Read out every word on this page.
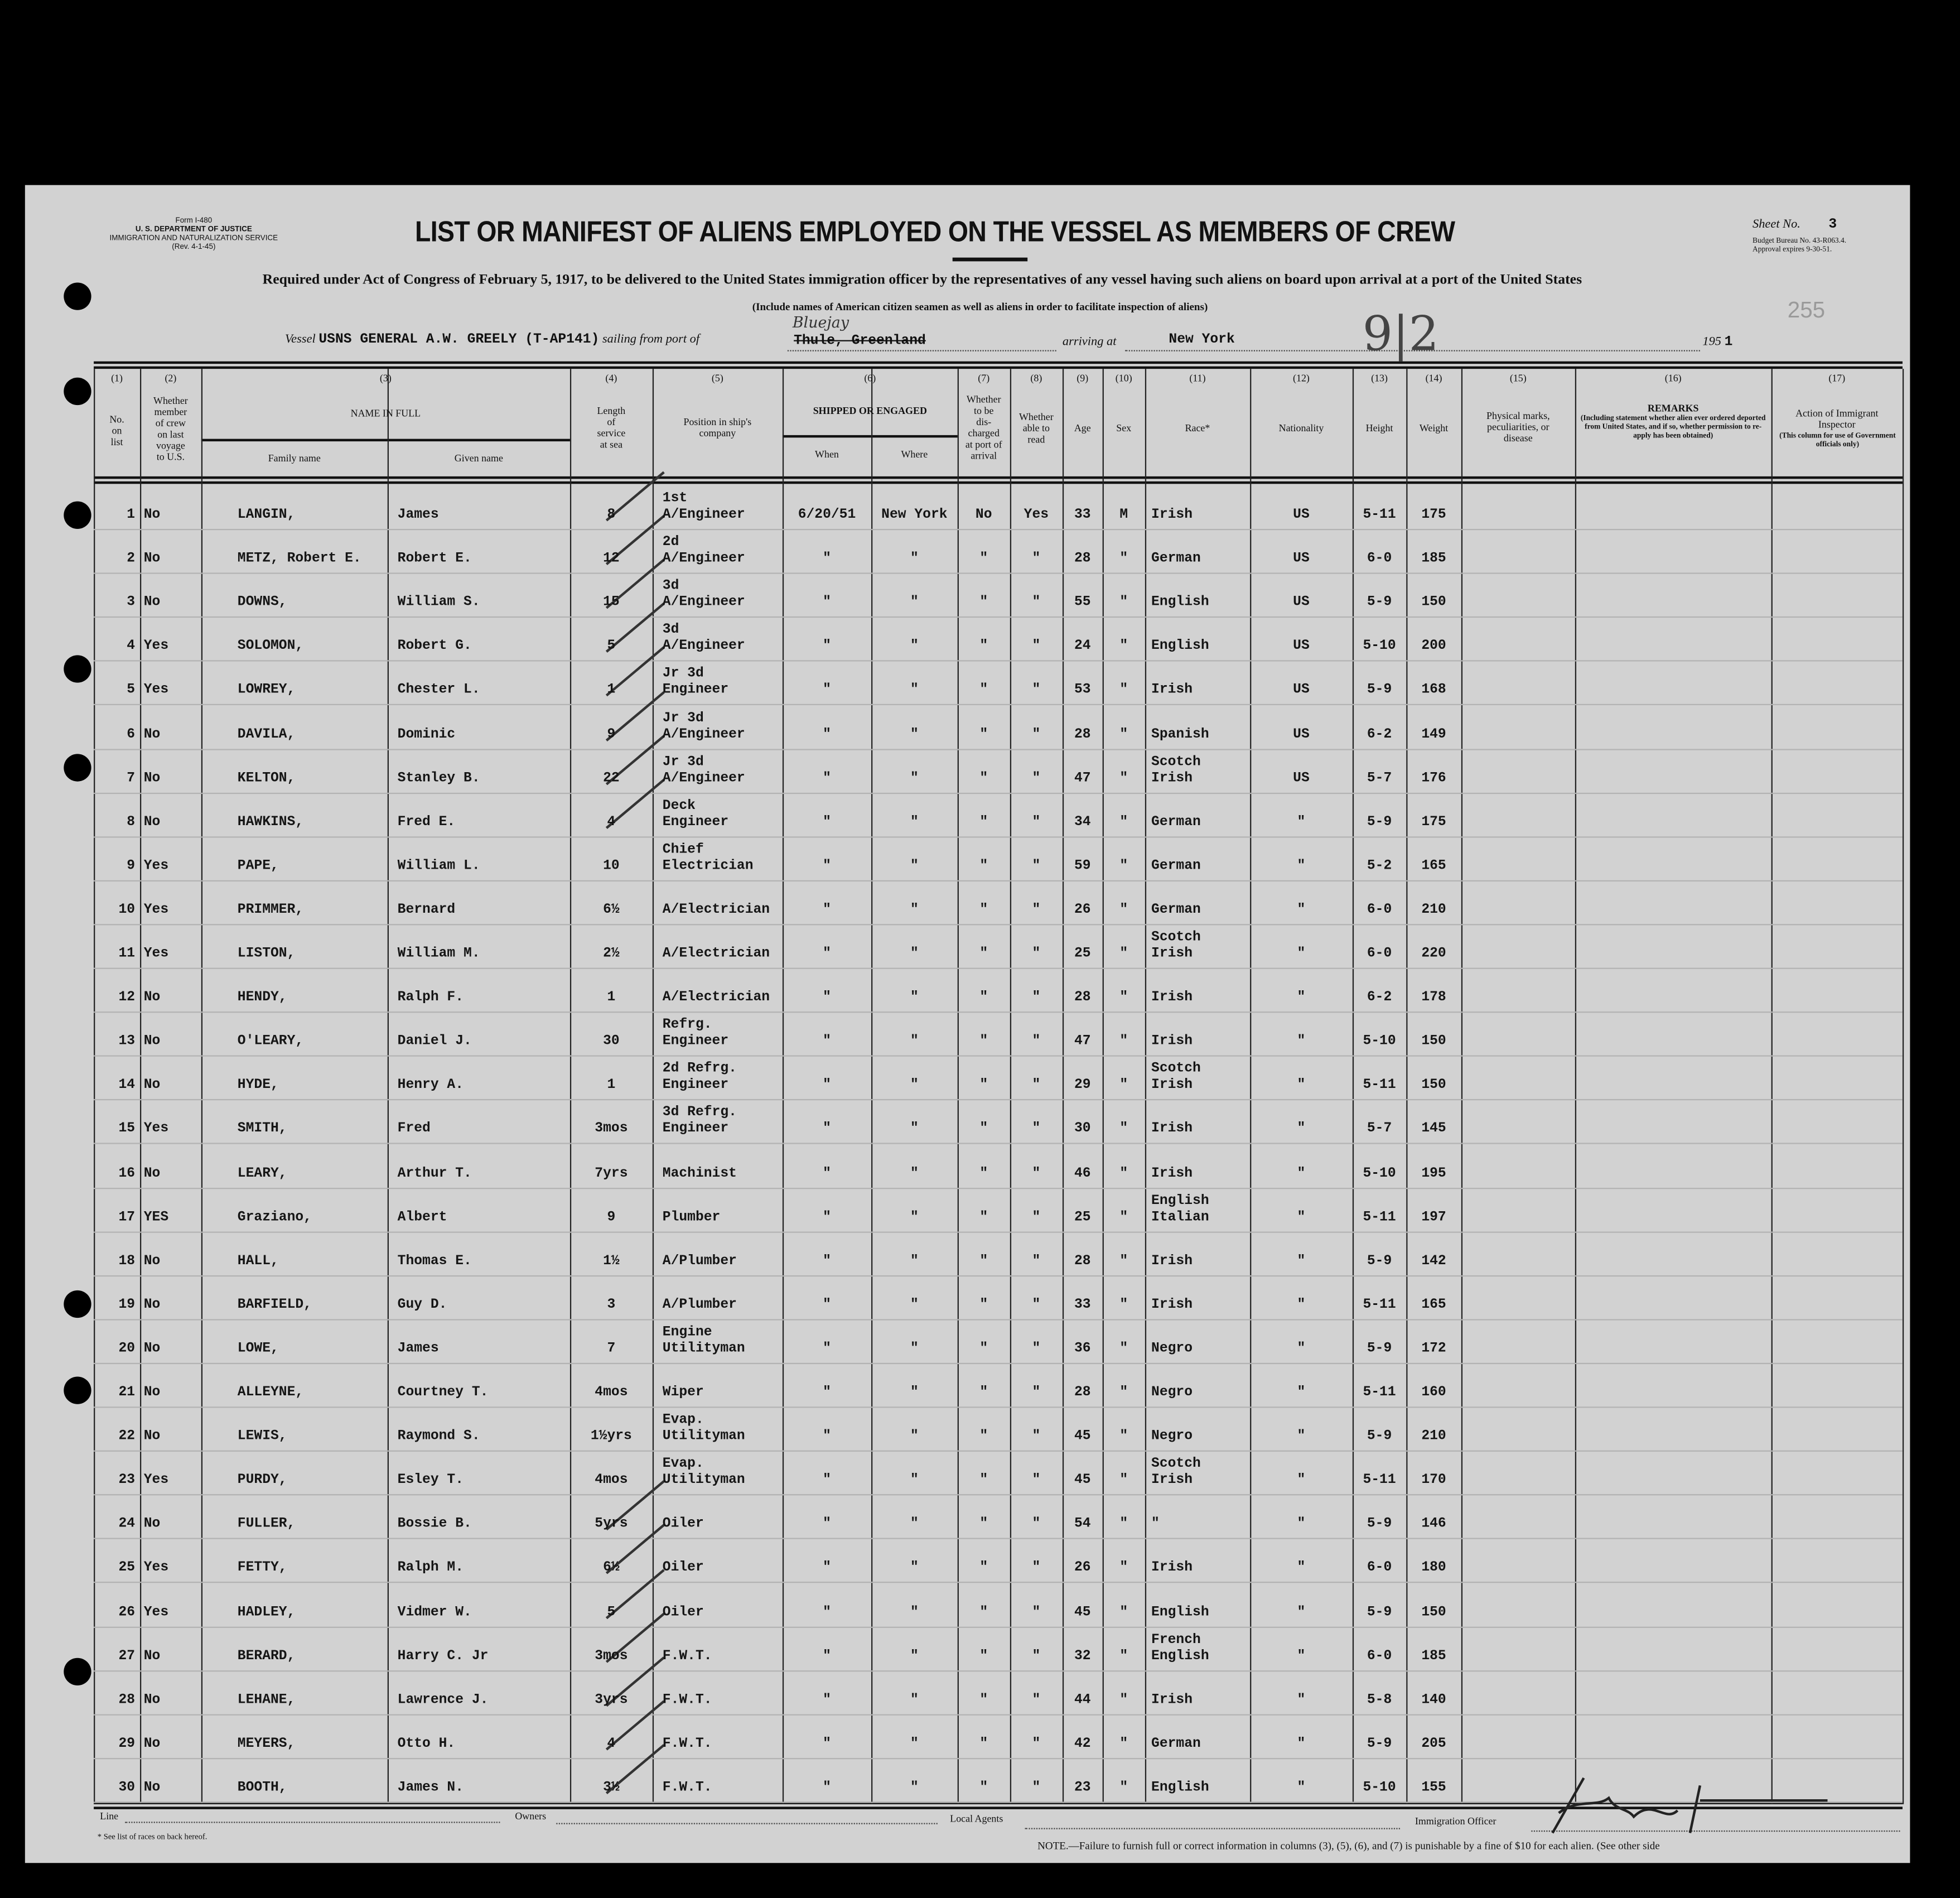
Form I-480
U. S. DEPARTMENT OF JUSTICE
IMMIGRATION AND NATURALIZATION SERVICE
(Rev. 4-1-45)	LIST OR MANIFEST OF ALIENS EMPLOYED ON THE VESSEL AS MEMBERS OF CREW	Sheet No.	3
Budget Bureau No. 43-R063.4.
Approval expires 9-30-51.
Required under Act of Congress of February 5, 1917, to be delivered to the United States immigration officer by the representatives of any vessel having such aliens on board upon arrival at a port of the United States
(Include names of American citizen seamen as well as aliens in order to facilitate inspection of aliens)	255
9|2
Vessel USNS GENERAL A.W. GREELY (T-AP141) sailing from port of	Thule, Greenland
Bluejay
arriving at	New York	195 1
(1)	(2)	(3)	(4)	(5)	(6)	(7)	(8)	(9)	(10)	(11)	(12)	(13)	(14)	(15)	(16)	(17)
No.
on
list
Whether
member
of crew
on last
voyage
to U.S.
NAME IN FULL
Family name	Given name
Length
of
service
at sea
Position in ship's
company
SHIPPED OR ENGAGED
When	Where
Whether
to be
dis-
charged
at port of
arrival
Whether
able to
read
Age	Sex	Race*	Nationality	Height	Weight
Physical marks,
peculiarities, or
disease
REMARKS
(Including statement whether alien ever ordered deported from United States, and if so, whether permission to re-apply has been obtained)
Action of Immigrant
Inspector
(This column for use of Government officials only)
1 No	LANGIN,	James	8
1st
A/Engineer	6/20/51	New York	No	Yes	33	M	Irish	US	5-11	175
2 No	METZ, Robert E.	Robert E.	12
2d
A/Engineer	"	"	"	"	28	"	German	US	6-0	185
3 No	DOWNS,	William S.	15
3d
A/Engineer	"	"	"	"	55	"	English	US	5-9	150
4 Yes	SOLOMON,	Robert G.	5
3d
A/Engineer	"	"	"	"	24	"	English	US	5-10	200
5 Yes	LOWREY,	Chester L.	1
Jr 3d
Engineer	"	"	"	"	53	"	Irish	US	5-9	168
6 No	DAVILA,	Dominic	9
Jr 3d
A/Engineer	"	"	"	"	28	"	Spanish	US	6-2	149
7 No	KELTON,	Stanley B.	22
Jr 3d
A/Engineer	"	"	"	"	47	"
Scotch
Irish	US	5-7	176
8 No	HAWKINS,	Fred E.	4
Deck
Engineer	"	"	"	"	34	"	German	"	5-9	175
9 Yes	PAPE,	William L.	10
Chief
Electrician	"	"	"	"	59	"	German	"	5-2	165
10 Yes	PRIMMER,	Bernard	6½	A/Electrician	"	"	"	"	26	"	German	"	6-0	210
11 Yes	LISTON,	William M.	2½	A/Electrician	"	"	"	"	25	"
Scotch
Irish	"	6-0	220
12 No	HENDY,	Ralph F.	1	A/Electrician	"	"	"	"	28	"	Irish	"	6-2	178
13 No	O'LEARY,	Daniel J.	30
Refrg.
Engineer	"	"	"	"	47	"	Irish	"	5-10	150
14 No	HYDE,	Henry A.	1
2d Refrg.
Engineer	"	"	"	"	29	"
Scotch
Irish	"	5-11	150
15 Yes	SMITH,	Fred	3mos
3d Refrg.
Engineer	"	"	"	"	30	"	Irish	"	5-7	145
16 No	LEARY,	Arthur T.	7yrs	Machinist	"	"	"	"	46	"	Irish	"	5-10	195
17 YES	Graziano,	Albert	9	Plumber	"	"	"	"	25	"
English
Italian	"	5-11	197
18 No	HALL,	Thomas E.	1½	A/Plumber	"	"	"	"	28	"	Irish	"	5-9	142
19 No	BARFIELD,	Guy D.	3	A/Plumber	"	"	"	"	33	"	Irish	"	5-11	165
20 No	LOWE,	James	7
Engine
Utilityman	"	"	"	"	36	"	Negro	"	5-9	172
21 No	ALLEYNE,	Courtney T.	4mos	Wiper	"	"	"	"	28	"	Negro	"	5-11	160
22 No	LEWIS,	Raymond S.	1½yrs
Evap.
Utilityman	"	"	"	"	45	"	Negro	"	5-9	210
23 Yes	PURDY,	Esley T.	4mos
Evap.
Utilityman	"	"	"	"	45	"
Scotch
Irish	"	5-11	170
24 No	FULLER,	Bossie B.	5yrs	Oiler	"	"	"	"	54	"	"	"	5-9	146
25 Yes	FETTY,	Ralph M.	6½	Oiler	"	"	"	"	26	"	Irish	"	6-0	180
26 Yes	HADLEY,	Vidmer W.	5	Oiler	"	"	"	"	45	"	English	"	5-9	150
27 No	BERARD,	Harry C. Jr	3mos	F.W.T.	"	"	"	"	32	"
French
English	"	6-0	185
28 No	LEHANE,	Lawrence J.	3yrs	F.W.T.	"	"	"	"	44	"	Irish	"	5-8	140
29 No	MEYERS,	Otto H.	4	F.W.T.	"	"	"	"	42	"	German	"	5-9	205
30 No	BOOTH,	James N.	3½	F.W.T.	"	"	"	"	23	"	English	"	5-10	155
Line	Owners	Local Agents	Immigration Officer
* See list of races on back hereof.
NOTE.—Failure to furnish full or correct information in columns (3), (5), (6), and (7) is punishable by a fine of $10 for each alien. (See other side
